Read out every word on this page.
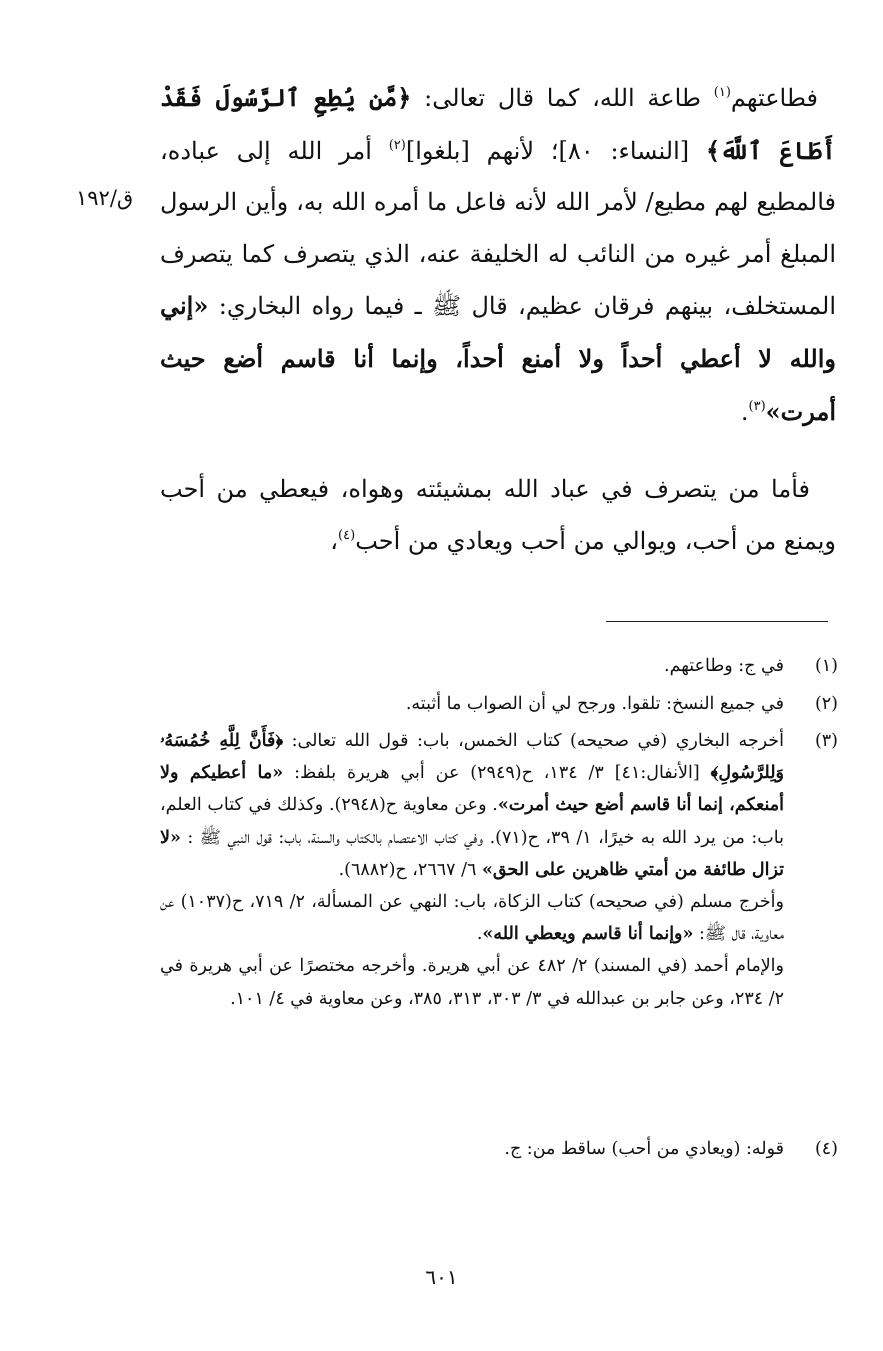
ق/١٩٢

فطاعتهم$^{(١)}$ طاعة الله، كما قال تعالى: ﴿مَّن يُطِعِ ٱلرَّسُولَ فَقَدْ أَطَاعَ ٱللَّهَ﴾ [النساء: ٨٠]؛ لأنهم [بلغوا]$^{(٢)}$ أمر الله إلى عباده، فالمطيع لهم مطيع/ لأمر الله لأنه فاعل ما أمره الله به، وأين الرسول المبلغ أمر غيره من النائب له الخليفة عنه، الذي يتصرف كما يتصرف المستخلف، بينهم فرقان عظيم، قال ﷺ ـ فيما رواه البخاري: «إني والله لا أعطي أحداً ولا أمنع أحداً، وإنما أنا قاسم أضع حيث أمرت»$^{(٣)}$.

فأما من يتصرف في عباد الله بمشيئته وهواه، فيعطي من أحب ويمنع من أحب، ويوالي من أحب ويعادي من أحب$^{(٤)}$،

(١)
في ج: وطاعتهم.
(٢)
في جميع النسخ: تلقوا. ورجح لي أن الصواب ما أثبته.
(٣)
أخرجه البخاري (في صحيحه) كتاب الخمس، باب: قول الله تعالى: ﴿فَأَنَّ لِلَّهِ خُمُسَهُۥ وَلِلرَّسُولِ﴾ [الأنفال:٤١] ٣/ ١٣٤، ح(٢٩٤٩) عن أبي هريرة بلفظ: «ما أعطيكم ولا أمنعكم، إنما أنا قاسم أضع حيث أمرت». وعن معاوية ح(٢٩٤٨). وكذلك في كتاب العلم، باب: من يرد الله به خيرًا، ١/ ٣٩، ح(٧١). وفي كتاب الاعتصام بالكتاب والسنة، باب: قول النبي ﷺ : «لا تزال طائفة من أمتي ظاهرين على الحق» ٦/ ٢٦٦٧، ح(٦٨٨٢).
وأخرج مسلم (في صحيحه) كتاب الزكاة، باب: النهي عن المسألة، ٢/ ٧١٩، ح(١٠٣٧) عن معاوية، قال ﷺ: «وإنما أنا قاسم ويعطي الله».
والإمام أحمد (في المسند) ٢/ ٤٨٢ عن أبي هريرة. وأخرجه مختصرًا عن أبي هريرة في ٢/ ٢٣٤، وعن جابر بن عبدالله في ٣/ ٣٠٣، ٣١٣، ٣٨٥، وعن معاوية في ٤/ ١٠١.
(٤)
قوله: (ويعادي من أحب) ساقط من: ج.
٦٠١
